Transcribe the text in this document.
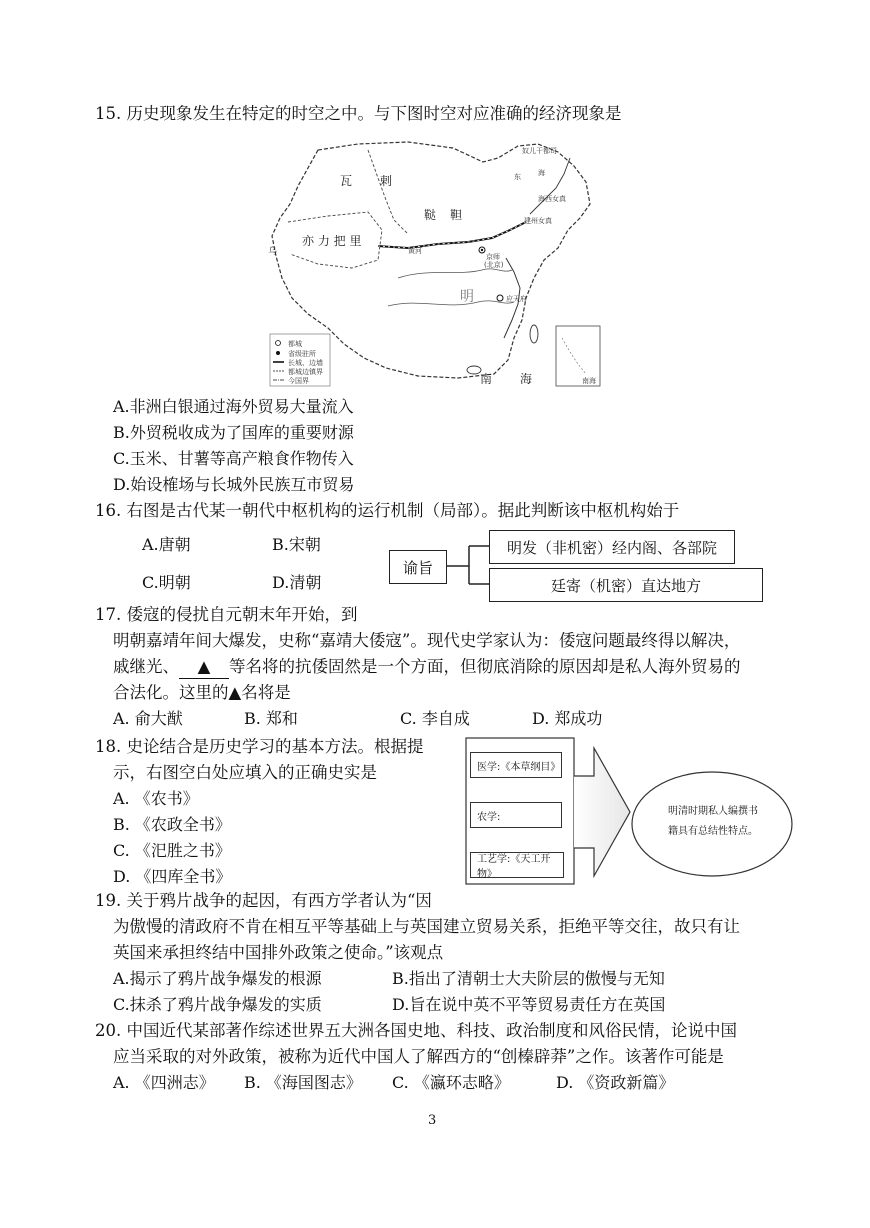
15. 历史现象发生在特定的时空之中。与下图时空对应准确的经济现象是
瓦 剌
鞑 靼
亦 力 把 里
明
南 海
奴儿干都司
东 海
海西女真
建州女真
京师
(北京)
应天府
都城
省级驻所
长城、边墙
都城边镇界
今国界
乌
南海
黄河
A.非洲白银通过海外贸易大量流入
B.外贸税收成为了国库的重要财源
C.玉米、甘薯等高产粮食作物传入
D.始设榷场与长城外民族互市贸易
16. 右图是古代某一朝代中枢机构的运行机制（局部）。据此判断该中枢机构始于
A.唐朝	B.宋朝
C.明朝	D.清朝
谕旨
明发（非机密）经内阁、各部院
廷寄（机密）直达地方
17. 倭寇的侵扰自元朝末年开始，到
明朝嘉靖年间大爆发，史称“嘉靖大倭寇”。现代史学家认为：倭寇问题最终得以解决，
戚继光、 ▲ 等名将的抗倭固然是一个方面，但彻底消除的原因却是私人海外贸易的
合法化。这里的▲名将是
A. 俞大猷	B. 郑和	C. 李自成	D. 郑成功
18. 史论结合是历史学习的基本方法。根据提
示，右图空白处应填入的正确史实是
A. 《农书》
B. 《农政全书》
C. 《汜胜之书》
D. 《四库全书》
医学:《本草纲目》
农学:
工艺学:《天工开物》
明清时期私人编撰书
籍具有总结性特点。
19. 关于鸦片战争的起因，有西方学者认为“因
为傲慢的清政府不肯在相互平等基础上与英国建立贸易关系，拒绝平等交往，故只有让
英国来承担终结中国排外政策之使命。”该观点
A.揭示了鸦片战争爆发的根源	B.指出了清朝士大夫阶层的傲慢与无知
C.抹杀了鸦片战争爆发的实质	D.旨在说中英不平等贸易责任方在英国
20. 中国近代某部著作综述世界五大洲各国史地、科技、政治制度和风俗民情，论说中国
应当采取的对外政策，被称为近代中国人了解西方的“创榛辟莽”之作。该著作可能是
A. 《四洲志》 B. 《海国图志》 C. 《瀛环志略》	D. 《资政新篇》
3
